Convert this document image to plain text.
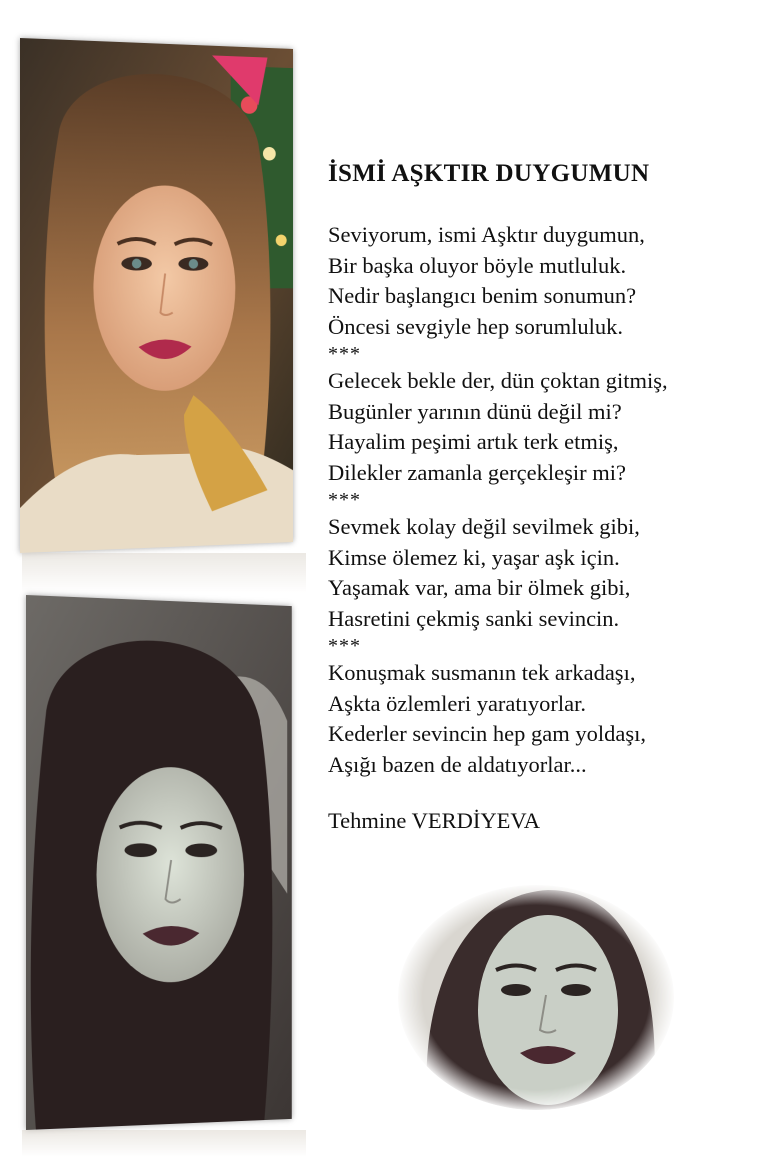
İSMİ AŞKTIR DUYGUMUN
Seviyorum, ismi Aşktır duygumun,
Bir başka oluyor böyle mutluluk.
Nedir başlangıcı benim sonumun?
Öncesi sevgiyle hep sorumluluk.
***
Gelecek bekle der, dün çoktan gitmiş,
Bugünler yarının dünü değil mi?
Hayalim peşimi artık terk etmiş,
Dilekler zamanla gerçekleşir mi?
***
Sevmek kolay değil sevilmek gibi,
Kimse ölemez ki, yaşar aşk için.
Yaşamak var, ama bir ölmek gibi,
Hasretini çekmiş sanki sevincin.
***
Konuşmak susmanın tek arkadaşı,
Aşkta özlemleri yaratıyorlar.
Kederler sevincin hep gam yoldaşı,
Aşığı bazen de aldatıyorlar...
Tehmine VERDİYEVA
